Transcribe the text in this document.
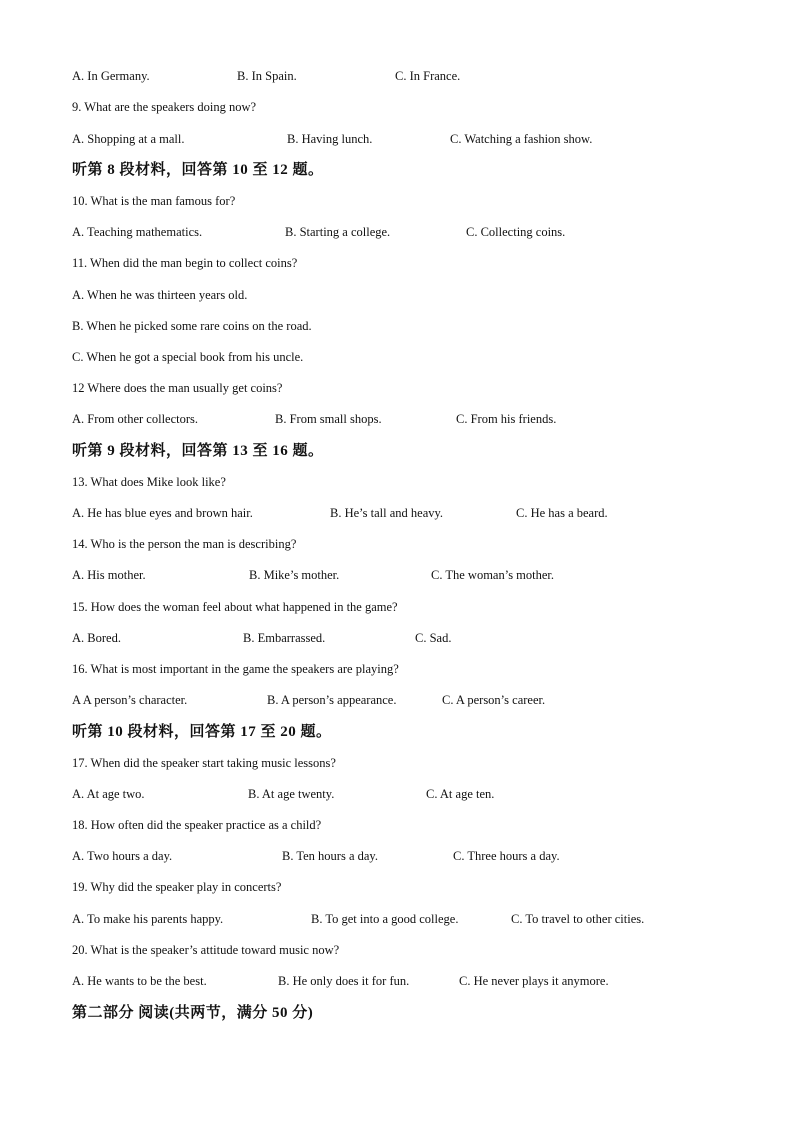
A. In Germany.	B. In Spain.	C. In France.
9. What are the speakers doing now?
A. Shopping at a mall.	B. Having lunch.	C. Watching a fashion show.
听第 8 段材料，回答第 10 至 12 题。
10. What is the man famous for?
A. Teaching mathematics.	B. Starting a college.	C. Collecting coins.
11. When did the man begin to collect coins?
A. When he was thirteen years old.
B. When he picked some rare coins on the road.
C. When he got a special book from his uncle.
12 Where does the man usually get coins?
A. From other collectors.	B. From small shops.	C. From his friends.
听第 9 段材料，回答第 13 至 16 题。
13. What does Mike look like?
A. He has blue eyes and brown hair.	B. He’s tall and heavy.	C. He has a beard.
14. Who is the person the man is describing?
A. His mother.	B. Mike’s mother.	C. The woman’s mother.
15. How does the woman feel about what happened in the game?
A. Bored.	B. Embarrassed.	C. Sad.
16. What is most important in the game the speakers are playing?
A A person’s character.	B. A person’s appearance.	C. A person’s career.
听第 10 段材料，回答第 17 至 20 题。
17. When did the speaker start taking music lessons?
A. At age two.	B. At age twenty.	C. At age ten.
18. How often did the speaker practice as a child?
A. Two hours a day.	B. Ten hours a day.	C. Three hours a day.
19. Why did the speaker play in concerts?
A. To make his parents happy.	B. To get into a good college.	C. To travel to other cities.
20. What is the speaker’s attitude toward music now?
A. He wants to be the best.	B. He only does it for fun.	C. He never plays it anymore.
第二部分 阅读(共两节，满分 50 分)
